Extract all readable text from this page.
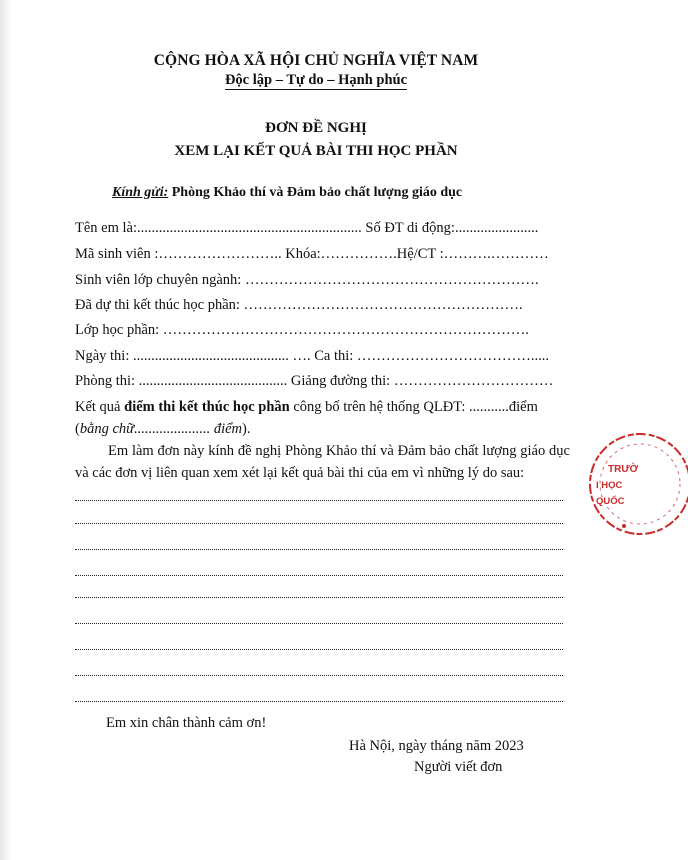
CỘNG HÒA XÃ HỘI CHỦ NGHĨA VIỆT NAM
Độc lập – Tự do – Hạnh phúc
ĐƠN ĐỀ NGHỊ
XEM LẠI KẾT QUẢ BÀI THI HỌC PHẦN
Kính gửi: Phòng Khảo thí và Đảm bảo chất lượng giáo dục
Tên em là:.............................................................. Số ĐT di động:.......................
Mã sinh viên :…………………….. Khóa:…………….Hệ/CT :……….…………
Sinh viên lớp chuyên ngành: …………………………………………………….
Đã dự thi kết thúc học phần: ………………………………………………….
Lớp học phần: ………………………………………………………………….
Ngày thi: ........................................... …. Ca thi: ……………………………….....
Phòng thi: ......................................... Giảng đường thi: ……………………………
Kết quả điểm thi kết thúc học phần công bố trên hệ thống QLĐT: ...........điểm
(bằng chữ..................... điểm).
Em làm đơn này kính đề nghị Phòng Khảo thí và Đảm bảo chất lượng giáo dục và các đơn vị liên quan xem xét lại kết quả bài thi của em vì những lý do sau:
Em xin chân thành cảm ơn!
Hà Nội, ngày tháng năm 2023
Người viết đơn
TRƯỜ
I HỌC
QUỐC
